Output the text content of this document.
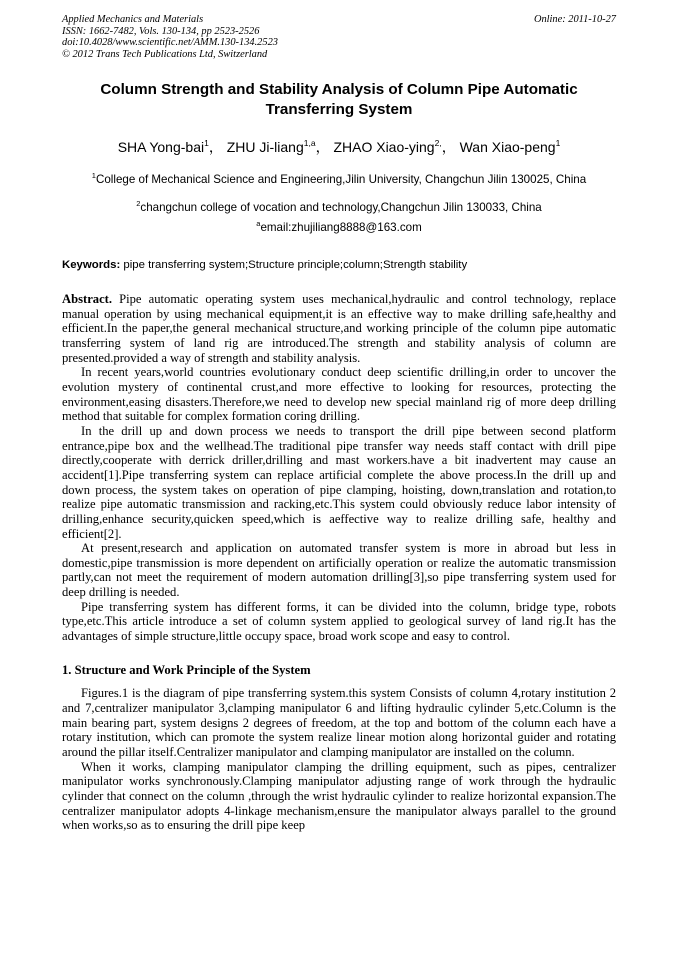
Applied Mechanics and Materials
ISSN: 1662-7482, Vols. 130-134, pp 2523-2526
doi:10.4028/www.scientific.net/AMM.130-134.2523
© 2012 Trans Tech Publications Ltd, Switzerland
Online: 2011-10-27
Column Strength and Stability Analysis of Column Pipe Automatic
Transferring System
SHA Yong-bai$^1$， ZHU Ji-liang$^{1,a}$， ZHAO Xiao-ying$^{2,}$， Wan Xiao-peng$^1$
$^1$College of Mechanical Science and Engineering,Jilin University, Changchun Jilin 130025, China
$^2$changchun college of vocation and technology,Changchun Jilin 130033, China
$^a$email:zhujiliang8888@163.com
Keywords: pipe transferring system;Structure principle;column;Strength stability

Abstract. Pipe automatic operating system uses mechanical,hydraulic and control technology, replace manual operation by using mechanical equipment,it is an effective way to make drilling safe,healthy and efficient.In the paper,the general mechanical structure,and working principle of the column pipe automatic transferring system of land rig are introduced.The strength and stability analysis of column are presented.provided a way of strength and stability analysis.

In recent years,world countries evolutionary conduct deep scientific drilling,in order to uncover the evolution mystery of continental crust,and more effective to looking for resources, protecting the environment,easing disasters.Therefore,we need to develop new special mainland rig of more deep drilling method that suitable for complex formation coring drilling.

In the drill up and down process we needs to transport the drill pipe between second platform entrance,pipe box and the wellhead.The traditional pipe transfer way needs staff contact with drill pipe directly,cooperate with derrick driller,drilling and mast workers.have a bit inadvertent may cause an accident[1].Pipe transferring system can replace artificial complete the above process.In the drill up and down process, the system takes on operation of pipe clamping, hoisting, down,translation and rotation,to realize pipe automatic transmission and racking,etc.This system could obviously reduce labor intensity of drilling,enhance security,quicken speed,which is aeffective way to realize drilling safe, healthy and efficient[2].

At present,research and application on automated transfer system is more in abroad but less in domestic,pipe transmission is more dependent on artificially operation or realize the automatic transmission partly,can not meet the requirement of modern automation drilling[3],so pipe transferring system used for deep drilling is needed.

Pipe transferring system has different forms, it can be divided into the column, bridge type, robots type,etc.This article introduce a set of column system applied to geological survey of land rig.It has the advantages of simple structure,little occupy space, broad work scope and easy to control.

1. Structure and Work Principle of the System

Figures.1 is the diagram of pipe transferring system.this system Consists of column 4,rotary institution 2 and 7,centralizer manipulator 3,clamping manipulator 6 and lifting hydraulic cylinder 5,etc.Column is the main bearing part, system designs 2 degrees of freedom, at the top and bottom of the column each have a rotary institution, which can promote the system realize linear motion along horizontal guider and rotating around the pillar itself.Centralizer manipulator and clamping manipulator are installed on the column.

When it works, clamping manipulator clamping the drilling equipment, such as pipes, centralizer manipulator works synchronously.Clamping manipulator adjusting range of work through the hydraulic cylinder that connect on the column ,through the wrist hydraulic cylinder to realize horizontal expansion.The centralizer manipulator adopts 4-linkage mechanism,ensure the manipulator always parallel to the ground when works,so as to ensuring the drill pipe keep
